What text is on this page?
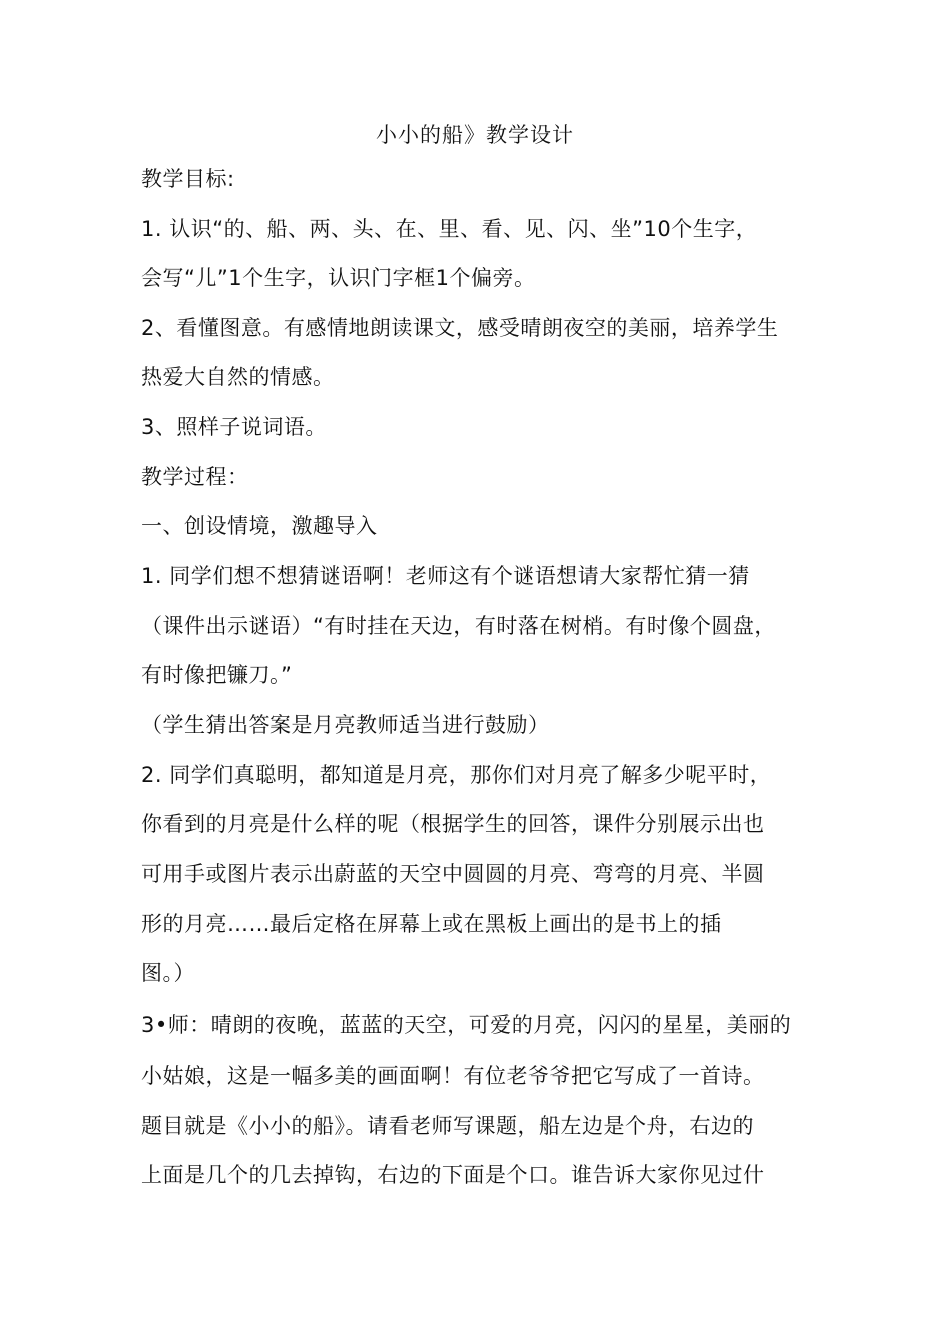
小小的船》教学设计
教学目标:
1. 认识“的、船、两、头、在、里、看、见、闪、坐”10个生字，
会写“儿”1个生字，认识门字框1个偏旁。
2、看懂图意。有感情地朗读课文，感受晴朗夜空的美丽，培养学生
热爱大自然的情感。
3、照样子说词语。
教学过程：
一、创设情境，激趣导入
1. 同学们想不想猜谜语啊！老师这有个谜语想请大家帮忙猜一猜
（课件出示谜语）“有时挂在天边，有时落在树梢。有时像个圆盘，
有时像把镰刀。”
（学生猜出答案是月亮教师适当进行鼓励）
2. 同学们真聪明，都知道是月亮，那你们对月亮了解多少呢平时，
你看到的月亮是什么样的呢（根据学生的回答，课件分别展示出也
可用手或图片表示出蔚蓝的天空中圆圆的月亮、弯弯的月亮、半圆
形的月亮……最后定格在屏幕上或在黑板上画出的是书上的插
图。）
3•师：晴朗的夜晚，蓝蓝的天空，可爱的月亮，闪闪的星星，美丽的
小姑娘，这是一幅多美的画面啊！有位老爷爷把它写成了一首诗。
题目就是《小小的船》。请看老师写课题，船左边是个舟，右边的
上面是几个的几去掉钩，右边的下面是个口。谁告诉大家你见过什
